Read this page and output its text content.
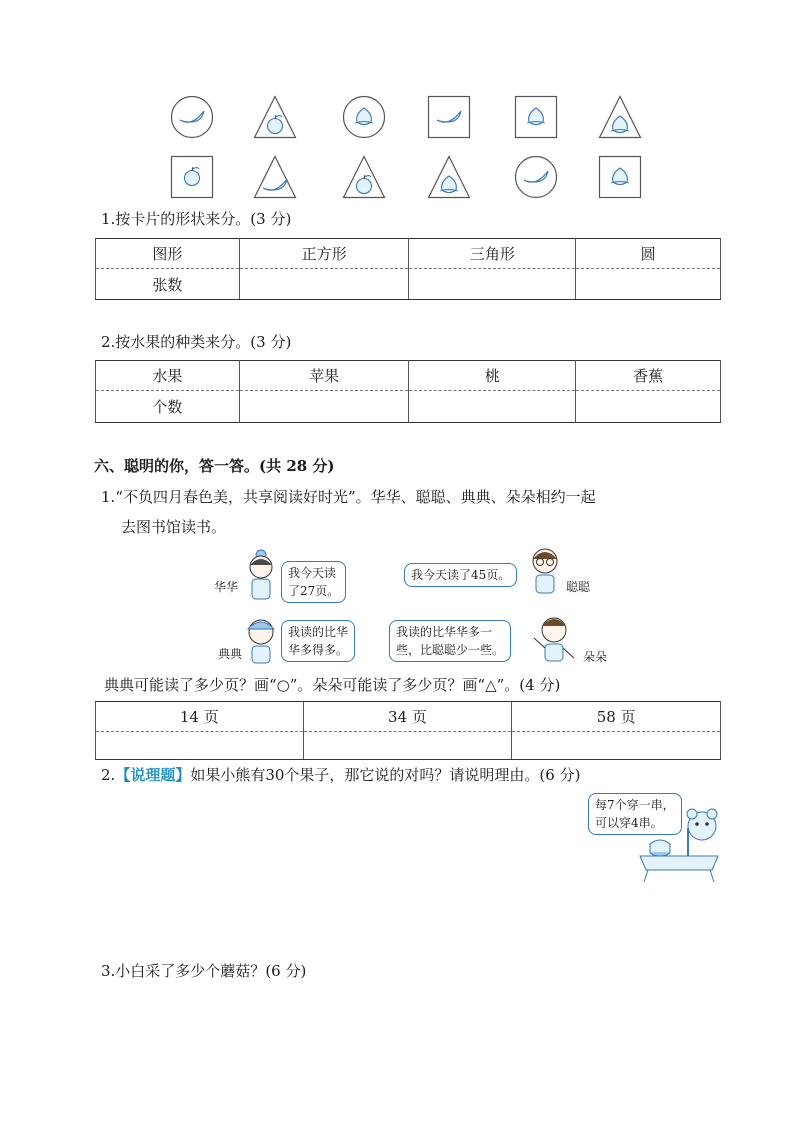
1.按卡片的形状来分。(3 分)
图形	正方形	三角形	圆
张数			
2.按水果的种类来分。(3 分)
水果	苹果	桃	香蕉
个数			
六、聪明的你，答一答。(共 28 分)
1.“不负四月春色美，共享阅读好时光”。华华、聪聪、典典、朵朵相约一起
去图书馆读书。
华华
我今天读
了27页。
我今天读了45页。
聪聪
典典
我读的比华
华多得多。
我读的比华华多一
些，比聪聪少一些。	朵朵
典典可能读了多少页？画“○”。朵朵可能读了多少页？画“△”。(4 分)
14 页	34 页	58 页

2.【说理题】如果小熊有30个果子，那它说的对吗？请说明理由。(6 分)
每7个穿一串，
可以穿4串。
3.小白采了多少个蘑菇？(6 分)
